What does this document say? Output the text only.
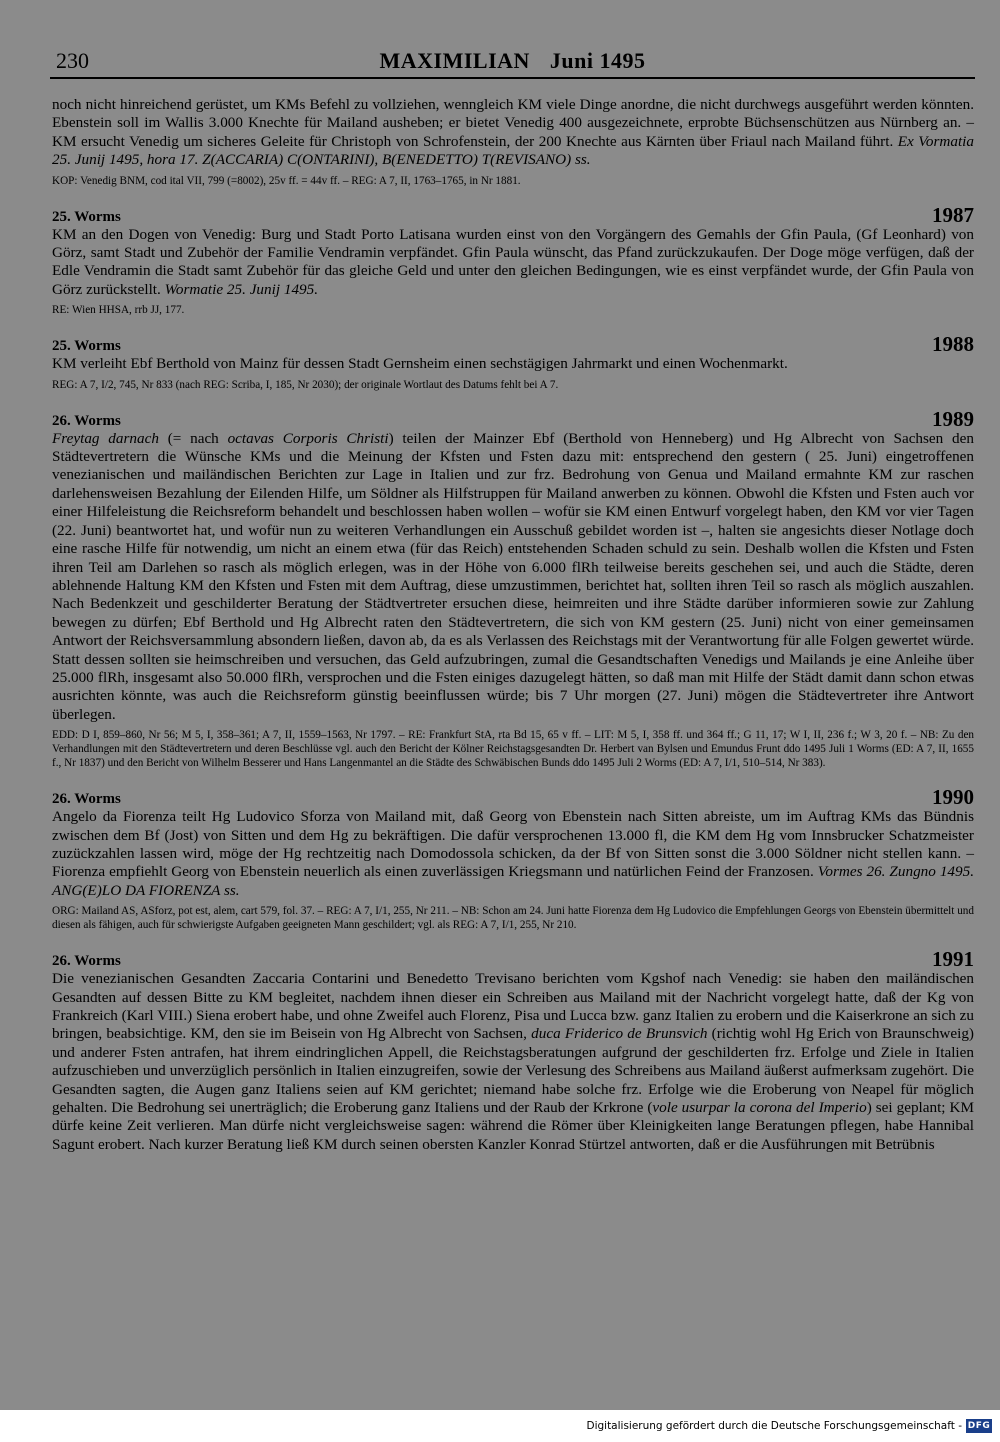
230	MAXIMILIAN Juni 1495

noch nicht hinreichend gerüstet, um KMs Befehl zu vollziehen, wenngleich KM viele Dinge anordne, die nicht durchwegs ausgeführt werden könnten. Ebenstein soll im Wallis 3.000 Knechte für Mailand ausheben; er bietet Venedig 400 ausgezeichnete, erprobte Büchsenschützen aus Nürnberg an. – KM ersucht Venedig um sicheres Geleite für Christoph von Schrofenstein, der 200 Knechte aus Kärnten über Friaul nach Mailand führt. Ex Vormatia 25. Junij 1495, hora 17. Z(ACCARIA) C(ONTARINI), B(ENEDETTO) T(REVISANO) ss.

KOP: Venedig BNM, cod ital VII, 799 (=8002), 25v ff. = 44v ff. – REG: A 7, II, 1763–1765, in Nr 1881.

25. Worms	1987

KM an den Dogen von Venedig: Burg und Stadt Porto Latisana wurden einst von den Vorgängern des Gemahls der Gfin Paula, (Gf Leonhard) von Görz, samt Stadt und Zubehör der Familie Vendramin verpfändet. Gfin Paula wünscht, das Pfand zurückzukaufen. Der Doge möge verfügen, daß der Edle Vendramin die Stadt samt Zubehör für das gleiche Geld und unter den gleichen Bedingungen, wie es einst verpfändet wurde, der Gfin Paula von Görz zurückstellt. Wormatie 25. Junij 1495.

RE: Wien HHSA, rrb JJ, 177.

25. Worms	1988

KM verleiht Ebf Berthold von Mainz für dessen Stadt Gernsheim einen sechstägigen Jahrmarkt und einen Wochenmarkt.

REG: A 7, I/2, 745, Nr 833 (nach REG: Scriba, I, 185, Nr 2030); der originale Wortlaut des Datums fehlt bei A 7.

26. Worms	1989

Freytag darnach (= nach octavas Corporis Christi) teilen der Mainzer Ebf (Berthold von Henneberg) und Hg Albrecht von Sachsen den Städtevertretern die Wünsche KMs und die Meinung der Kfsten und Fsten dazu mit: entsprechend den gestern ( 25. Juni) eingetroffenen venezianischen und mailändischen Berichten zur Lage in Italien und zur frz. Bedrohung von Genua und Mailand ermahnte KM zur raschen darlehensweisen Bezahlung der Eilenden Hilfe, um Söldner als Hilfstruppen für Mailand anwerben zu können. Obwohl die Kfsten und Fsten auch vor einer Hilfeleistung die Reichsreform behandelt und beschlossen haben wollen – wofür sie KM einen Entwurf vorgelegt haben, den KM vor vier Tagen (22. Juni) beantwortet hat, und wofür nun zu weiteren Verhandlungen ein Ausschuß gebildet worden ist –, halten sie angesichts dieser Notlage doch eine rasche Hilfe für notwendig, um nicht an einem etwa (für das Reich) entstehenden Schaden schuld zu sein. Deshalb wollen die Kfsten und Fsten ihren Teil am Darlehen so rasch als möglich erlegen, was in der Höhe von 6.000 flRh teilweise bereits geschehen sei, und auch die Städte, deren ablehnende Haltung KM den Kfsten und Fsten mit dem Auftrag, diese umzustimmen, berichtet hat, sollten ihren Teil so rasch als möglich auszahlen. Nach Bedenkzeit und geschilderter Beratung der Städtvertreter ersuchen diese, heimreiten und ihre Städte darüber informieren sowie zur Zahlung bewegen zu dürfen; Ebf Berthold und Hg Albrecht raten den Städtevertretern, die sich von KM gestern (25. Juni) nicht von einer gemeinsamen Antwort der Reichsversammlung absondern ließen, davon ab, da es als Verlassen des Reichstags mit der Verantwortung für alle Folgen gewertet würde. Statt dessen sollten sie heimschreiben und versuchen, das Geld aufzubringen, zumal die Gesandtschaften Venedigs und Mailands je eine Anleihe über 25.000 flRh, insgesamt also 50.000 flRh, versprochen und die Fsten einiges dazugelegt hätten, so daß man mit Hilfe der Städt damit dann schon etwas ausrichten könnte, was auch die Reichsreform günstig beeinflussen würde; bis 7 Uhr morgen (27. Juni) mögen die Städtevertreter ihre Antwort überlegen.

EDD: D I, 859–860, Nr 56; M 5, I, 358–361; A 7, II, 1559–1563, Nr 1797. – RE: Frankfurt StA, rta Bd 15, 65 v ff. – LIT: M 5, I, 358 ff. und 364 ff.; G 11, 17; W I, II, 236 f.; W 3, 20 f. – NB: Zu den Verhandlungen mit den Städtevertretern und deren Beschlüsse vgl. auch den Bericht der Kölner Reichstagsgesandten Dr. Herbert van Bylsen und Emundus Frunt ddo 1495 Juli 1 Worms (ED: A 7, II, 1655 f., Nr 1837) und den Bericht von Wilhelm Besserer und Hans Langenmantel an die Städte des Schwäbischen Bunds ddo 1495 Juli 2 Worms (ED: A 7, I/1, 510–514, Nr 383).

26. Worms	1990

Angelo da Fiorenza teilt Hg Ludovico Sforza von Mailand mit, daß Georg von Ebenstein nach Sitten abreiste, um im Auftrag KMs das Bündnis zwischen dem Bf (Jost) von Sitten und dem Hg zu bekräftigen. Die dafür versprochenen 13.000 fl, die KM dem Hg vom Innsbrucker Schatzmeister zuzückzahlen lassen wird, möge der Hg rechtzeitig nach Domodossola schicken, da der Bf von Sitten sonst die 3.000 Söldner nicht stellen kann. – Fiorenza empfiehlt Georg von Ebenstein neuerlich als einen zuverlässigen Kriegsmann und natürlichen Feind der Franzosen. Vormes 26. Zungno 1495. ANG(E)LO DA FIORENZA ss.

ORG: Mailand AS, ASforz, pot est, alem, cart 579, fol. 37. – REG: A 7, I/1, 255, Nr 211. – NB: Schon am 24. Juni hatte Fiorenza dem Hg Ludovico die Empfehlungen Georgs von Ebenstein übermittelt und diesen als fähigen, auch für schwierigste Aufgaben geeigneten Mann geschildert; vgl. als REG: A 7, I/1, 255, Nr 210.

26. Worms	1991

Die venezianischen Gesandten Zaccaria Contarini und Benedetto Trevisano berichten vom Kgshof nach Venedig: sie haben den mailändischen Gesandten auf dessen Bitte zu KM begleitet, nachdem ihnen dieser ein Schreiben aus Mailand mit der Nachricht vorgelegt hatte, daß der Kg von Frankreich (Karl VIII.) Siena erobert habe, und ohne Zweifel auch Florenz, Pisa und Lucca bzw. ganz Italien zu erobern und die Kaiserkrone an sich zu bringen, beabsichtige. KM, den sie im Beisein von Hg Albrecht von Sachsen, duca Friderico de Brunsvich (richtig wohl Hg Erich von Braunschweig) und anderer Fsten antrafen, hat ihrem eindringlichen Appell, die Reichstagsberatungen aufgrund der geschilderten frz. Erfolge und Ziele in Italien aufzuschieben und unverzüglich persönlich in Italien einzugreifen, sowie der Verlesung des Schreibens aus Mailand äußerst aufmerksam zugehört. Die Gesandten sagten, die Augen ganz Italiens seien auf KM gerichtet; niemand habe solche frz. Erfolge wie die Eroberung von Neapel für möglich gehalten. Die Bedrohung sei unerträglich; die Eroberung ganz Italiens und der Raub der Krkrone (vole usurpar la corona del Imperio) sei geplant; KM dürfe keine Zeit verlieren. Man dürfe nicht vergleichsweise sagen: während die Römer über Kleinigkeiten lange Beratungen pflegen, habe Hannibal Sagunt erobert. Nach kurzer Beratung ließ KM durch seinen obersten Kanzler Konrad Stürtzel antworten, daß er die Ausführungen mit Betrübnis

Digitalisierung gefördert durch die Deutsche Forschungsgemeinschaft - DFG
